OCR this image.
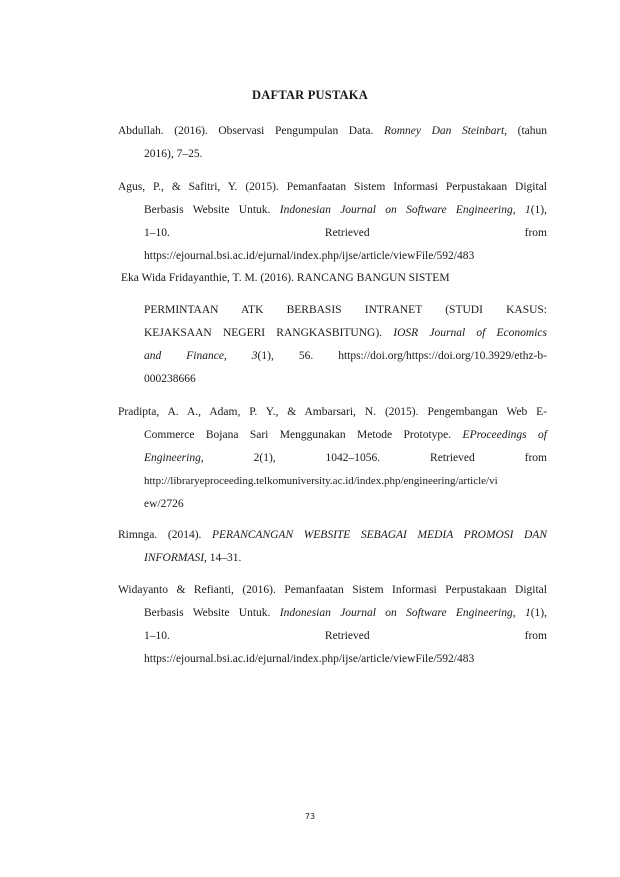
DAFTAR PUSTAKA
Abdullah. (2016). Observasi Pengumpulan Data. Romney Dan Steinbart, (tahun
2016), 7–25.
Agus, P., & Safitri, Y. (2015). Pemanfaatan Sistem Informasi Perpustakaan Digital
Berbasis Website Untuk. Indonesian Journal on Software Engineering, 1(1),
1–10.	Retrieved	from
https://ejournal.bsi.ac.id/ejurnal/index.php/ijse/article/viewFile/592/483
Eka Wida Fridayanthie, T. M. (2016). RANCANG BANGUN SISTEM
PERMINTAAN ATK BERBASIS INTRANET (STUDI KASUS:
KEJAKSAAN NEGERI RANGKASBITUNG). IOSR Journal of Economics
and Finance, 3(1), 56. https://doi.org/https://doi.org/10.3929/ethz-b-
000238666
Pradipta, A. A., Adam, P. Y., & Ambarsari, N. (2015). Pengembangan Web E-
Commerce Bojana Sari Menggunakan Metode Prototype. EProceedings of
Engineering, 2(1), 1042–1056. Retrieved from
http://libraryeproceeding.telkomuniversity.ac.id/index.php/engineering/article/vi
ew/2726
Rimnga. (2014). PERANCANGAN WEBSITE SEBAGAI MEDIA PROMOSI DAN
INFORMASI, 14–31.
Widayanto & Refianti, (2016). Pemanfaatan Sistem Informasi Perpustakaan Digital
Berbasis Website Untuk. Indonesian Journal on Software Engineering, 1(1),
1–10.	Retrieved	from
https://ejournal.bsi.ac.id/ejurnal/index.php/ijse/article/viewFile/592/483
73
